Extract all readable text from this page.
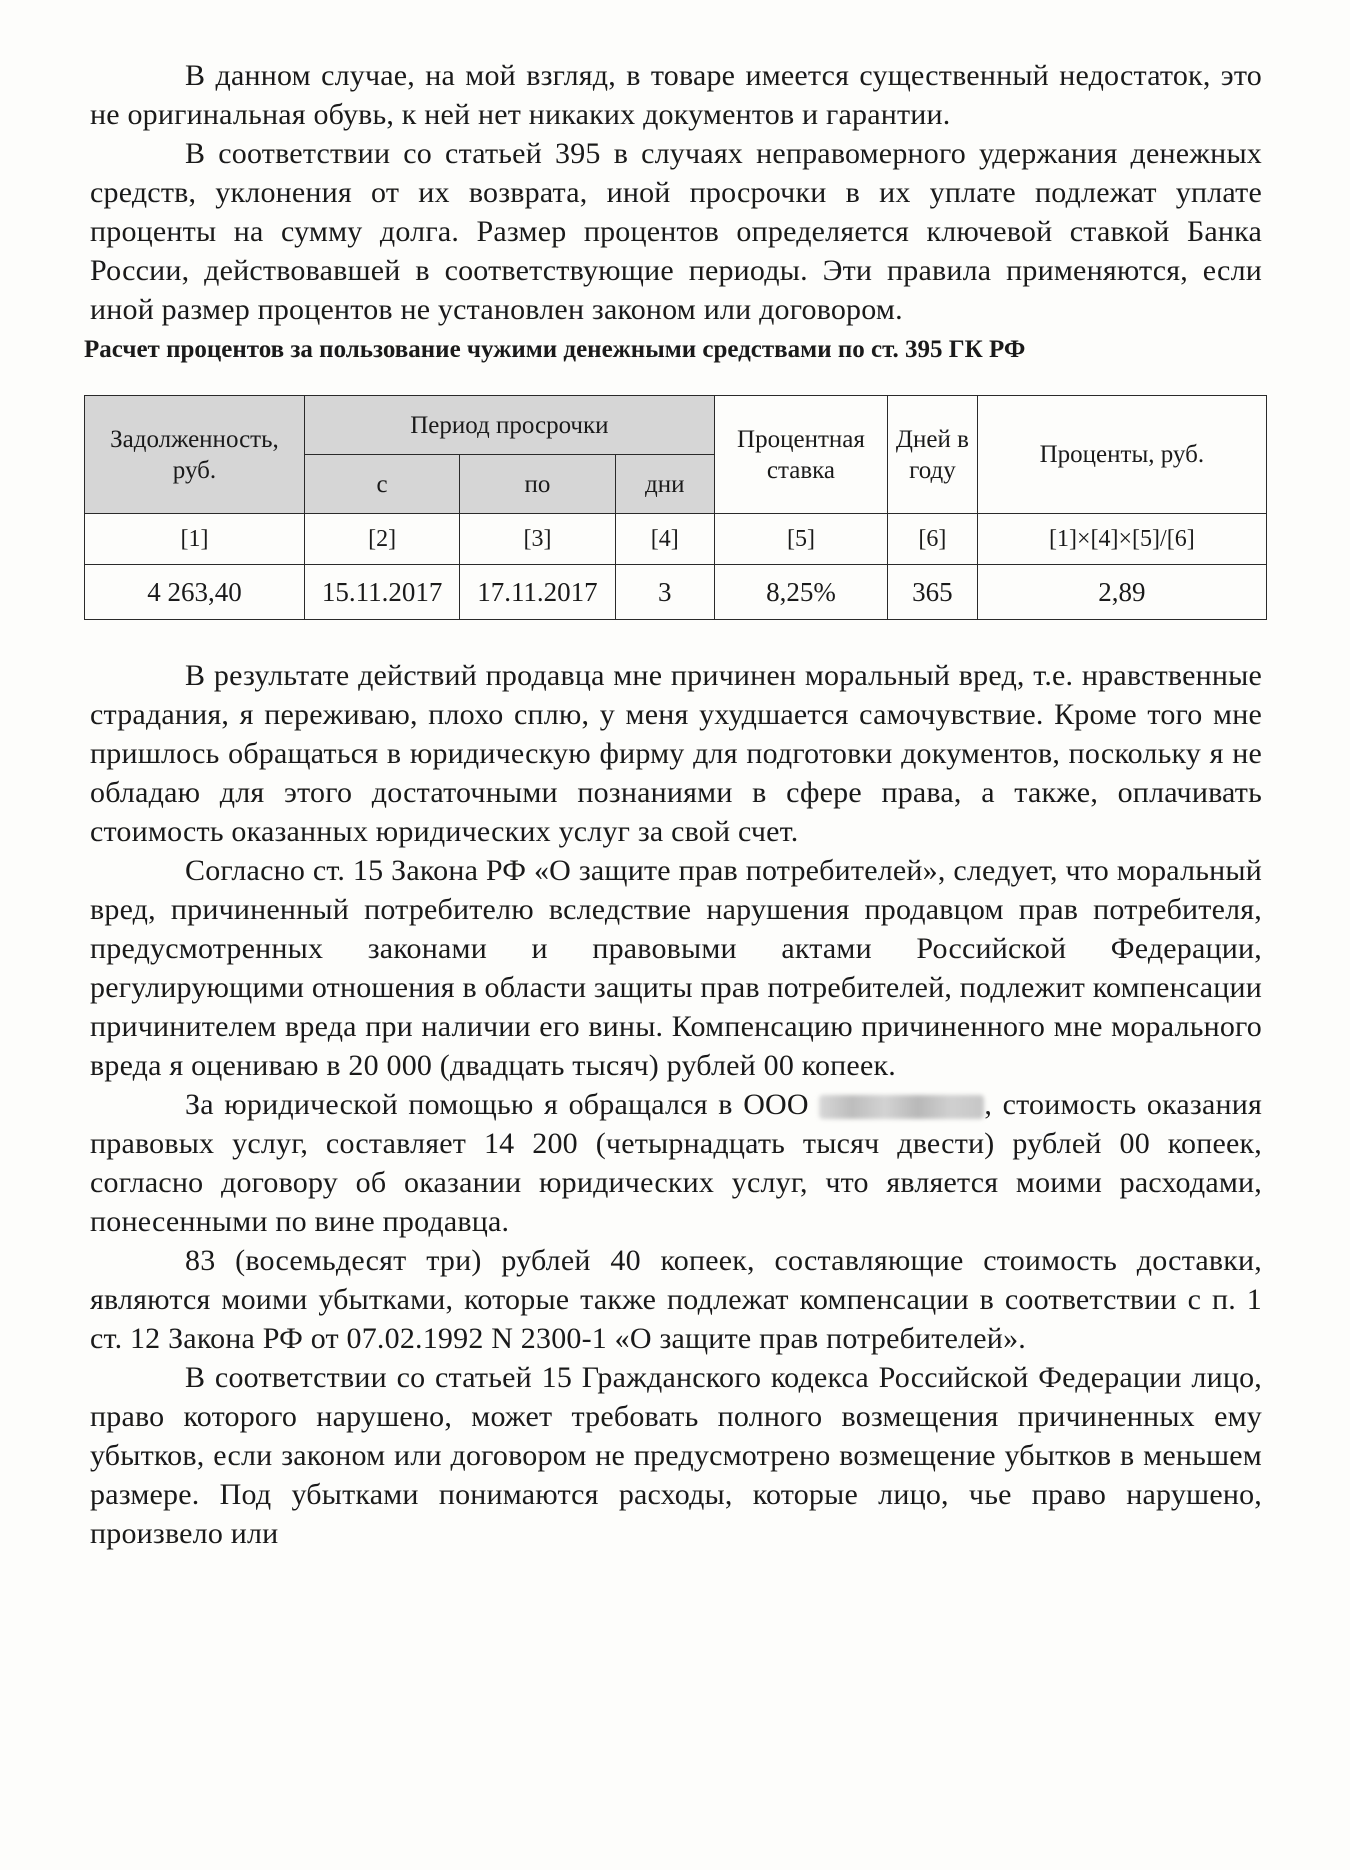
В данном случае, на мой взгляд, в товаре имеется существенный недостаток, это не оригинальная обувь, к ней нет никаких документов и гарантии.

В соответствии со статьей 395 в случаях неправомерного удержания денежных средств, уклонения от их возврата, иной просрочки в их уплате подлежат уплате проценты на сумму долга. Размер процентов определяется ключевой ставкой Банка России, действовавшей в соответствующие периоды. Эти правила применяются, если иной размер процентов не установлен законом или договором.

Расчет процентов за пользование чужими денежными средствами по ст. 395 ГК РФ
Задолженность, руб.	Период просрочки			Процентная ставка	Дней в году	Проценты, руб.
	с	по	дни			
[1]	[2]	[3]	[4]	[5]	[6]	[1]×[4]×[5]/[6]
4 263,40	15.11.2017	17.11.2017	3	8,25%	365	2,89

В результате действий продавца мне причинен моральный вред, т.е. нравственные страдания, я переживаю, плохо сплю, у меня ухудшается самочувствие. Кроме того мне пришлось обращаться в юридическую фирму для подготовки документов, поскольку я не обладаю для этого достаточными познаниями в сфере права, а также, оплачивать стоимость оказанных юридических услуг за свой счет.

Согласно ст. 15 Закона РФ «О защите прав потребителей», следует, что моральный вред, причиненный потребителю вследствие нарушения продавцом прав потребителя, предусмотренных законами и правовыми актами Российской Федерации, регулирующими отношения в области защиты прав потребителей, подлежит компенсации причинителем вреда при наличии его вины. Компенсацию причиненного мне морального вреда я оцениваю в 20 000 (двадцать тысяч) рублей 00 копеек.

За юридической помощью я обращался в ООО	, стоимость оказания правовых услуг, составляет 14 200 (четырнадцать тысяч двести) рублей 00 копеек, согласно договору об оказании юридических услуг, что является моими расходами, понесенными по вине продавца.

83 (восемьдесят три) рублей 40 копеек, составляющие стоимость доставки, являются моими убытками, которые также подлежат компенсации в соответствии с п. 1 ст. 12 Закона РФ от 07.02.1992 N 2300-1 «О защите прав потребителей».

В соответствии со статьей 15 Гражданского кодекса Российской Федерации лицо, право которого нарушено, может требовать полного возмещения причиненных ему убытков, если законом или договором не предусмотрено возмещение убытков в меньшем размере. Под убытками понимаются расходы, которые лицо, чье право нарушено, произвело или
